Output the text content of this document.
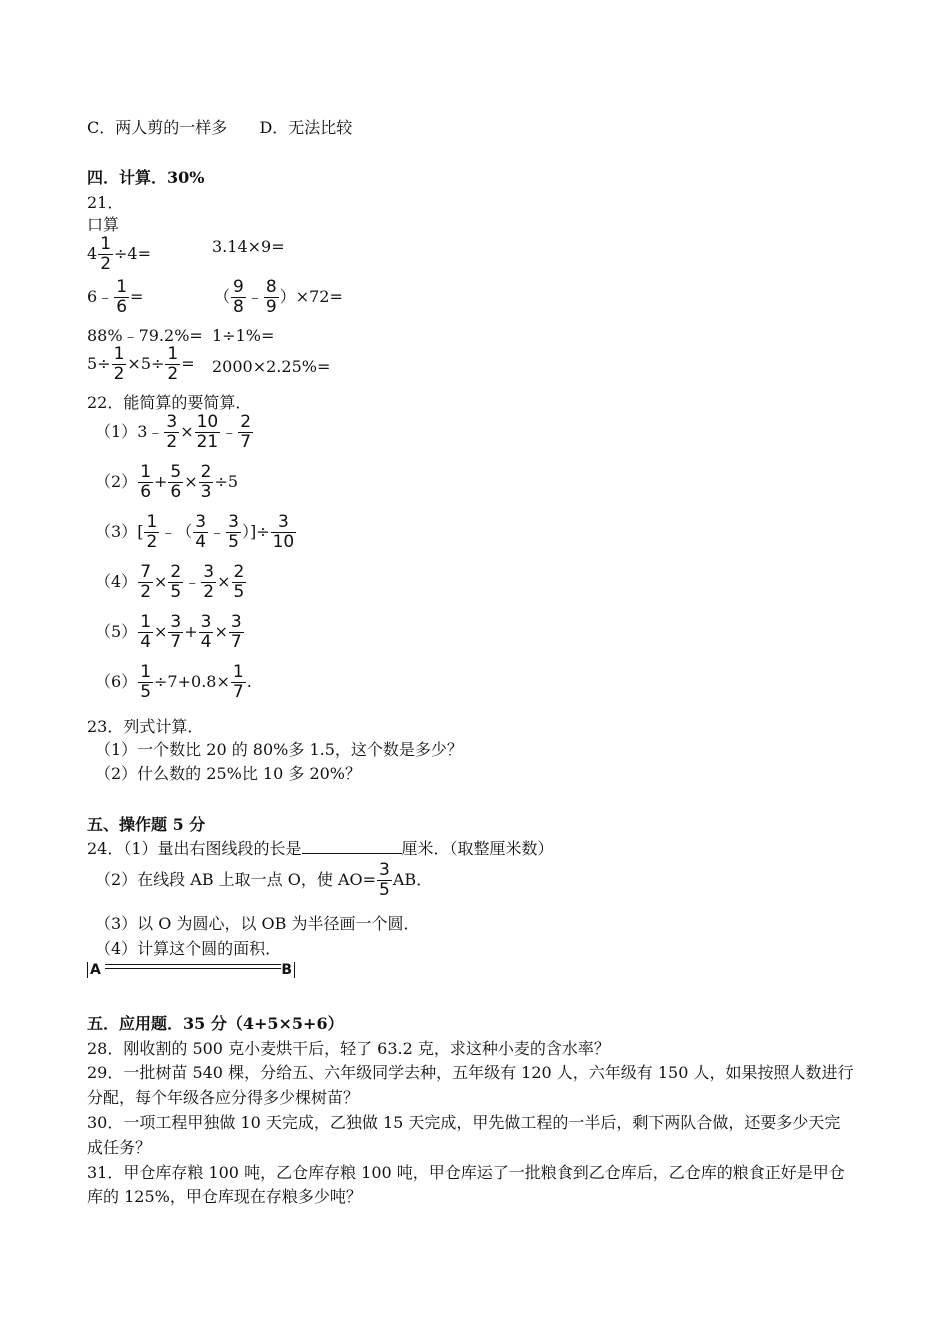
C．两人剪的一样多 D．无法比较
四．计算．30%
21．
口算
$4 \frac{1}{2} \div 4=$	3.14×9=
6﹣ $\frac{1}{6}$ =	（ $\frac{9}{8}$ ﹣ $\frac{8}{9} )\times 72=$
88%﹣79.2%= 1÷1%=
$5\div \frac{1}{2} \times 5\div \frac{1}{2} = 2000\times 2.25\%=$
22．能简算的要简算．
（1）3﹣ $\frac{3}{2} \times \frac{10}{21}$ ﹣ $\frac{2}{7}$
$(2) \frac{1}{6} + \frac{5}{6} \times \frac{2}{3} \div 5$
$(3)[ \frac{1}{2}$ ﹣（ $\frac{3}{4}$ ﹣ $\frac{3}{5}$ ）]÷ $\frac{3}{10}$
$(4) \frac{7}{2} \times \frac{2}{5}$ ﹣ $\frac{3}{2} \times \frac{2}{5}$
$(5) \frac{1}{4} \times \frac{3}{7} + \frac{3}{4} \times \frac{3}{7}$
$(6) \frac{1}{5} \div 7+0.8\times \frac{1}{7}$ .
23．列式计算．
（1）一个数比 20 的 80%多 1.5，这个数是多少？
（2）什么数的 25%比 10 多 20%？
五、操作题 5 分
24．（1）量出右图线段的长是	厘米．（取整厘米数）
（2）在线段 AB 上取一点 O，使 $AO= \frac{3}{5}$ AB．
（3）以 O 为圆心，以 OB 为半径画一个圆．
（4）计算这个圆的面积．
A	B
五．应用题．35 分（4+5×5+6）
28．刚收割的 500 克小麦烘干后，轻了 63.2 克，求这种小麦的含水率？
29．一批树苗 540 棵，分给五、六年级同学去种，五年级有 120 人，六年级有 150 人，如果按照人数进行
分配，每个年级各应分得多少棵树苗？
30．一项工程甲独做 10 天完成，乙独做 15 天完成，甲先做工程的一半后，剩下两队合做，还要多少天完
成任务？
31．甲仓库存粮 100 吨，乙仓库存粮 100 吨，甲仓库运了一批粮食到乙仓库后，乙仓库的粮食正好是甲仓
库的 125%，甲仓库现在存粮多少吨？
